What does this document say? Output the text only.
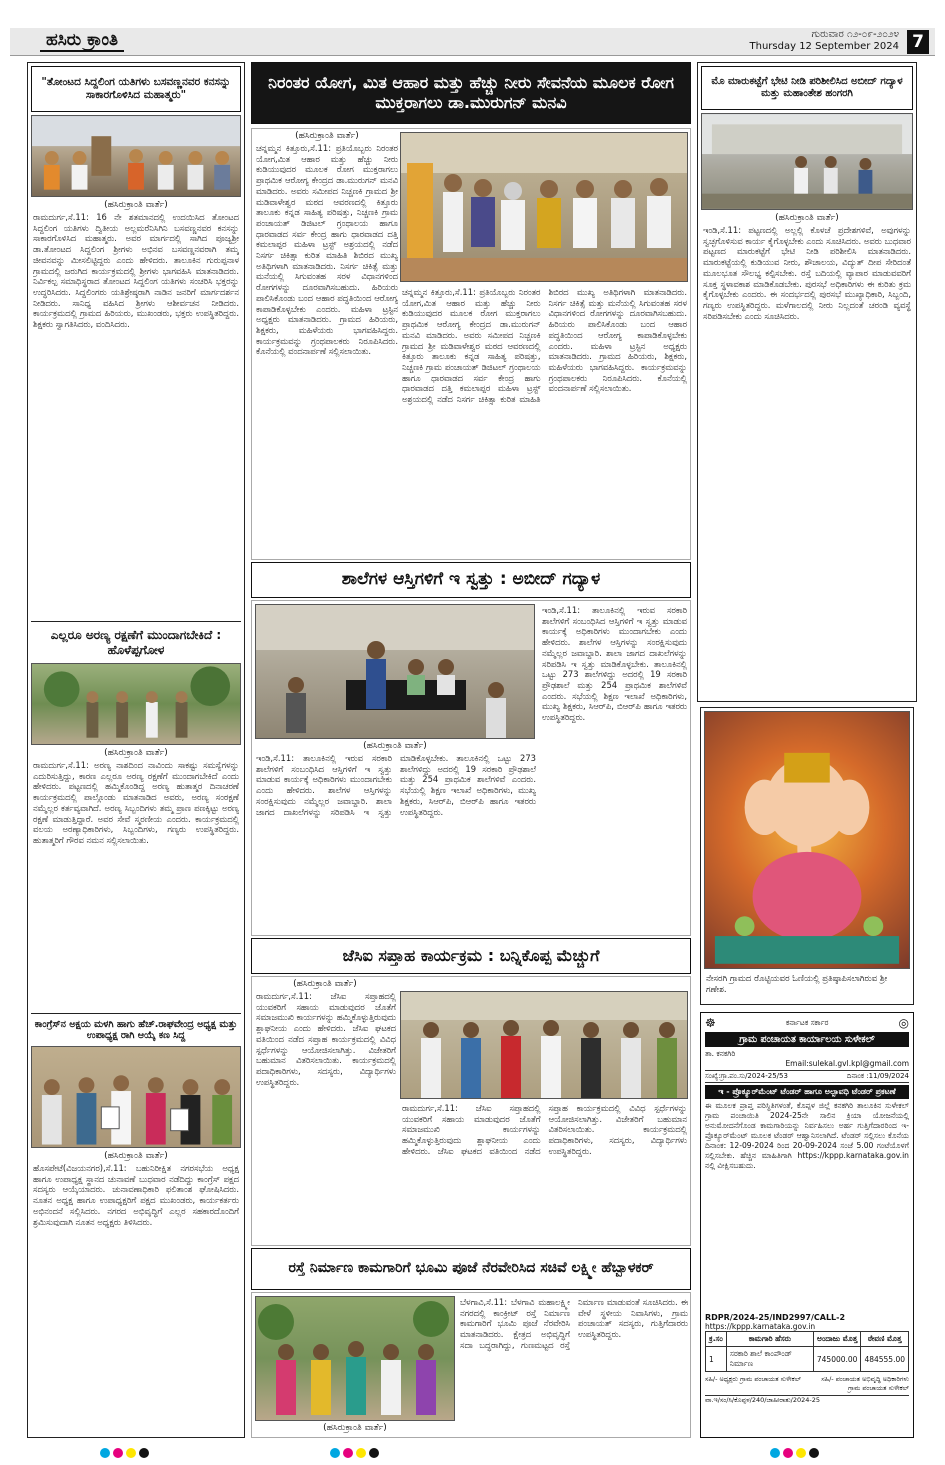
ಹಸಿರು ಕ್ರಾಂತಿ	ಗುರುವಾರ ೧೨-೦೯-೨೦೨೪
Thursday 12 September 2024 7
"ತೋಂಟದ ಸಿದ್ದಲಿಂಗ ಯತಿಗಳು ಬಸವಣ್ಣನವರ ಕನಸನ್ನು ಸಾಕಾರಗೊಳಿಸಿದ ಮಹಾತ್ಮರು"
(ಹಸಿರುಕ್ರಾಂತಿ ವಾರ್ತೆ)
ರಾಮದುರ್ಗ,ಸೆ.11: 16 ನೇ ಶತಮಾನದಲ್ಲಿ ಉದಯಿಸಿದ ತೋಂಟದ ಸಿದ್ದಲಿಂಗ ಯತಿಗಳು ದ್ವಿತೀಯ ಅಲ್ಲಮರೆನಿಸಿಗಿನಿ ಬಸವಣ್ಣನವರ ಕನಸನ್ನು ಸಾಕಾರಗೊಳಿಸಿದ ಮಹಾತ್ಮರು. ಅವರ ಮಾರ್ಗದಲ್ಲಿ ಸಾಗಿದ ಪೂಜ್ಯಶ್ರೀ ಡಾ.ತೋಂಟದ ಸಿದ್ದಲಿಂಗ ಶ್ರೀಗಳು ಅಭಿನವ ಬಸವಣ್ಣನವರಾಗಿ ತಮ್ಮ ಜೀವನವನ್ನು ಮೀಸಲಿಟ್ಟಿದ್ದರು ಎಂದು ಹೇಳಿದರು. ತಾಲೂಕಿನ ಗುರುಪ್ಪನಾಳ ಗ್ರಾಮದಲ್ಲಿ ಜರುಗಿದ ಕಾರ್ಯಕ್ರಮದಲ್ಲಿ ಶ್ರೀಗಳು ಭಾಗವಹಿಸಿ ಮಾತನಾಡಿದರು. ನಿರ್ವಿಕಲ್ಪ ಸಮಾಧಿಸ್ಥರಾದ ತೋಂಟದ ಸಿದ್ದಲಿಂಗ ಯತಿಗಳು ಸಂಚರಿಸಿ ಭಕ್ತರನ್ನು ಉದ್ಧರಿಸಿದರು. ಸಿದ್ದಲಿಂಗರು ಯತಿಶ್ರೇಷ್ಠರಾಗಿ ನಾಡಿನ ಜನರಿಗೆ ಮಾರ್ಗದರ್ಶನ ನೀಡಿದರು. ಸಾನಿಧ್ಯ ವಹಿಸಿದ ಶ್ರೀಗಳು ಆಶೀರ್ವಚನ ನೀಡಿದರು. ಕಾರ್ಯಕ್ರಮದಲ್ಲಿ ಗ್ರಾಮದ ಹಿರಿಯರು, ಮುಖಂಡರು, ಭಕ್ತರು ಉಪಸ್ಥಿತರಿದ್ದರು. ಶಿಕ್ಷಕರು ಸ್ವಾಗತಿಸಿದರು, ವಂದಿಸಿದರು.
ಎಲ್ಲರೂ ಅರಣ್ಯ ರಕ್ಷಣೆಗೆ ಮುಂದಾಗಬೇಕಿದೆ : ಹೊಳೆಪ್ಪಗೋಳ
(ಹಸಿರುಕ್ರಾಂತಿ ವಾರ್ತೆ)
ರಾಮದುರ್ಗ,ಸೆ.11: ಅರಣ್ಯ ನಾಶದಿಂದ ನಾವಿಂದು ಸಾಕಷ್ಟು ಸಮಸ್ಯೆಗಳನ್ನು ಎದುರಿಸುತ್ತಿದ್ದು, ಕಾರಣ ಎಲ್ಲರೂ ಅರಣ್ಯ ರಕ್ಷಣೆಗೆ ಮುಂದಾಗಬೇಕಿದೆ ಎಂದು ಹೇಳಿದರು. ಪಟ್ಟಣದಲ್ಲಿ ಹಮ್ಮಿಕೊಂಡಿದ್ದ ಅರಣ್ಯ ಹುತಾತ್ಮರ ದಿನಾಚರಣೆ ಕಾರ್ಯಕ್ರಮದಲ್ಲಿ ಪಾಲ್ಗೊಂಡು ಮಾತನಾಡಿದ ಅವರು, ಅರಣ್ಯ ಸಂರಕ್ಷಣೆ ನಮ್ಮೆಲ್ಲರ ಕರ್ತವ್ಯವಾಗಿದೆ. ಅರಣ್ಯ ಸಿಬ್ಬಂದಿಗಳು ತಮ್ಮ ಪ್ರಾಣ ಪಣಕ್ಕಿಟ್ಟು ಅರಣ್ಯ ರಕ್ಷಣೆ ಮಾಡುತ್ತಿದ್ದಾರೆ. ಅವರ ಸೇವೆ ಸ್ಮರಣೀಯ ಎಂದರು. ಕಾರ್ಯಕ್ರಮದಲ್ಲಿ ವಲಯ ಅರಣ್ಯಾಧಿಕಾರಿಗಳು, ಸಿಬ್ಬಂದಿಗಳು, ಗಣ್ಯರು ಉಪಸ್ಥಿತರಿದ್ದರು. ಹುತಾತ್ಮರಿಗೆ ಗೌರವ ನಮನ ಸಲ್ಲಿಸಲಾಯಿತು.
ಕಾಂಗ್ರೆಸ್‌ನ ಅಕ್ಷಯ ಮಳಗಿ ಹಾಗು ಹೆಚ್.ರಾಘವೇಂದ್ರ ಅಧ್ಯಕ್ಷ ಮತ್ತು ಉಪಾಧ್ಯಕ್ಷ ರಾಗಿ ಆಯ್ಕೆ ಕಣ ಸಿದ್ದ
(ಹಸಿರುಕ್ರಾಂತಿ ವಾರ್ತೆ)
ಹೊಸಪೇಟೆ(ವಿಜಯನಗರ),ಸೆ.11: ಬಹುನಿರೀಕ್ಷಿತ ನಗರಸಭೆಯ ಅಧ್ಯಕ್ಷ ಹಾಗೂ ಉಪಾಧ್ಯಕ್ಷ ಸ್ಥಾನದ ಚುನಾವಣೆ ಬುಧವಾರ ನಡೆದಿದ್ದು ಕಾಂಗ್ರೆಸ್ ಪಕ್ಷದ ಸದಸ್ಯರು ಆಯ್ಕೆಯಾದರು. ಚುನಾವಣಾಧಿಕಾರಿ ಫಲಿತಾಂಶ ಘೋಷಿಸಿದರು. ನೂತನ ಅಧ್ಯಕ್ಷ ಹಾಗೂ ಉಪಾಧ್ಯಕ್ಷರಿಗೆ ಪಕ್ಷದ ಮುಖಂಡರು, ಕಾರ್ಯಕರ್ತರು ಅಭಿನಂದನೆ ಸಲ್ಲಿಸಿದರು. ನಗರದ ಅಭಿವೃದ್ಧಿಗೆ ಎಲ್ಲರ ಸಹಕಾರದೊಂದಿಗೆ ಶ್ರಮಿಸುವುದಾಗಿ ನೂತನ ಅಧ್ಯಕ್ಷರು ತಿಳಿಸಿದರು.
ನಿರಂತರ ಯೋಗ, ಮಿತ ಆಹಾರ ಮತ್ತು ಹೆಚ್ಚು ನೀರು ಸೇವನೆಯ ಮೂಲಕ ರೋಗ ಮುಕ್ತರಾಗಲು ಡಾ.ಮುರುಗನ್ ಮನವಿ
(ಹಸಿರುಕ್ರಾಂತಿ ವಾರ್ತೆ)
ಚನ್ನಮ್ಮನ ಕಿತ್ತೂರು,ಸೆ.11: ಪ್ರತಿಯೊಬ್ಬರು ನಿರಂತರ ಯೋಗ,ಮಿತ ಆಹಾರ ಮತ್ತು ಹೆಚ್ಚು ನೀರು ಕುಡಿಯುವುದರ ಮೂಲಕ ರೋಗ ಮುಕ್ತರಾಗಲು ಪ್ರಾಥಮಿಕ ಆರೋಗ್ಯ ಕೇಂದ್ರದ ಡಾ.ಮುರುಗನ್ ಮನವಿ ಮಾಡಿದರು. ಅವರು ಸಮೀಪದ ನಿಚ್ಚಣಕಿ ಗ್ರಾಮದ ಶ್ರೀ ಮಡಿವಾಳೇಶ್ವರ ಮಠದ ಆವರಣದಲ್ಲಿ ಕಿತ್ತೂರು ತಾಲೂಕು ಕನ್ನಡ ಸಾಹಿತ್ಯ ಪರಿಷತ್ತು, ನಿಚ್ಚಣಕಿ ಗ್ರಾಮ ಪಂಚಾಯತ್ ಡಿಜಿಟಲ್ ಗ್ರಂಥಾಲಯ ಹಾಗೂ ಧಾರವಾಡದ ಸರ್ವ ಕೇಂದ್ರ ಹಾಗು ಧಾರವಾಡದ ದತ್ತಿ ಕಮಲಾಪ್ಪರ ಮಹಿಳಾ ಟ್ರಸ್ಟ್ ಅಶ್ರಯದಲ್ಲಿ ನಡೆದ ನಿಸರ್ಗ ಚಿಕಿತ್ಸಾ ಕುರಿತ ಮಾಹಿತಿ ಶಿಬಿರದ ಮುಖ್ಯ ಅತಿಥಿಗಳಾಗಿ ಮಾತನಾಡಿದರು. ನಿಸರ್ಗ ಚಿಕಿತ್ಸೆ ಮತ್ತು ಮನೆಯಲ್ಲಿ ಸಿಗುವಂತಹ ಸರಳ ವಿಧಾನಗಳಿಂದ ರೋಗಗಳನ್ನು ದೂರವಾಗಿಸಬಹುದು. ಹಿರಿಯರು ಪಾಲಿಸಿಕೊಂಡು ಬಂದ ಆಹಾರ ಪದ್ಧತಿಯಿಂದ ಆರೋಗ್ಯ ಕಾಪಾಡಿಕೊಳ್ಳಬೇಕು ಎಂದರು. ಮಹಿಳಾ ಟ್ರಸ್ಟಿನ ಅಧ್ಯಕ್ಷರು ಮಾತನಾಡಿದರು. ಗ್ರಾಮದ ಹಿರಿಯರು, ಶಿಕ್ಷಕರು, ಮಹಿಳೆಯರು ಭಾಗವಹಿಸಿದ್ದರು. ಕಾರ್ಯಕ್ರಮವನ್ನು ಗ್ರಂಥಪಾಲಕರು ನಿರೂಪಿಸಿದರು. ಕೊನೆಯಲ್ಲಿ ವಂದನಾರ್ಪಣೆ ಸಲ್ಲಿಸಲಾಯಿತು.
ಚನ್ನಮ್ಮನ ಕಿತ್ತೂರು,ಸೆ.11: ಪ್ರತಿಯೊಬ್ಬರು ನಿರಂತರ ಯೋಗ,ಮಿತ ಆಹಾರ ಮತ್ತು ಹೆಚ್ಚು ನೀರು ಕುಡಿಯುವುದರ ಮೂಲಕ ರೋಗ ಮುಕ್ತರಾಗಲು ಪ್ರಾಥಮಿಕ ಆರೋಗ್ಯ ಕೇಂದ್ರದ ಡಾ.ಮುರುಗನ್ ಮನವಿ ಮಾಡಿದರು. ಅವರು ಸಮೀಪದ ನಿಚ್ಚಣಕಿ ಗ್ರಾಮದ ಶ್ರೀ ಮಡಿವಾಳೇಶ್ವರ ಮಠದ ಆವರಣದಲ್ಲಿ ಕಿತ್ತೂರು ತಾಲೂಕು ಕನ್ನಡ ಸಾಹಿತ್ಯ ಪರಿಷತ್ತು, ನಿಚ್ಚಣಕಿ ಗ್ರಾಮ ಪಂಚಾಯತ್ ಡಿಜಿಟಲ್ ಗ್ರಂಥಾಲಯ ಹಾಗೂ ಧಾರವಾಡದ ಸರ್ವ ಕೇಂದ್ರ ಹಾಗು ಧಾರವಾಡದ ದತ್ತಿ ಕಮಲಾಪ್ಪರ ಮಹಿಳಾ ಟ್ರಸ್ಟ್ ಅಶ್ರಯದಲ್ಲಿ ನಡೆದ ನಿಸರ್ಗ ಚಿಕಿತ್ಸಾ ಕುರಿತ ಮಾಹಿತಿ ಶಿಬಿರದ ಮುಖ್ಯ ಅತಿಥಿಗಳಾಗಿ ಮಾತನಾಡಿದರು. ನಿಸರ್ಗ ಚಿಕಿತ್ಸೆ ಮತ್ತು ಮನೆಯಲ್ಲಿ ಸಿಗುವಂತಹ ಸರಳ ವಿಧಾನಗಳಿಂದ ರೋಗಗಳನ್ನು ದೂರವಾಗಿಸಬಹುದು. ಹಿರಿಯರು ಪಾಲಿಸಿಕೊಂಡು ಬಂದ ಆಹಾರ ಪದ್ಧತಿಯಿಂದ ಆರೋಗ್ಯ ಕಾಪಾಡಿಕೊಳ್ಳಬೇಕು ಎಂದರು. ಮಹಿಳಾ ಟ್ರಸ್ಟಿನ ಅಧ್ಯಕ್ಷರು ಮಾತನಾಡಿದರು. ಗ್ರಾಮದ ಹಿರಿಯರು, ಶಿಕ್ಷಕರು, ಮಹಿಳೆಯರು ಭಾಗವಹಿಸಿದ್ದರು. ಕಾರ್ಯಕ್ರಮವನ್ನು ಗ್ರಂಥಪಾಲಕರು ನಿರೂಪಿಸಿದರು. ಕೊನೆಯಲ್ಲಿ ವಂದನಾರ್ಪಣೆ ಸಲ್ಲಿಸಲಾಯಿತು.
ಶಾಲೆಗಳ ಆಸ್ತಿಗಳಿಗೆ ಇ ಸ್ವತ್ತು : ಅಬೀದ್ ಗದ್ಯಾಳ
(ಹಸಿರುಕ್ರಾಂತಿ ವಾರ್ತೆ)
ಇಂಡಿ,ಸೆ.11: ತಾಲೂಕಿನಲ್ಲಿ ಇರುವ ಸರಕಾರಿ ಶಾಲೆಗಳಿಗೆ ಸಂಬಂಧಿಸಿದ ಆಸ್ತಿಗಳಿಗೆ ಇ ಸ್ವತ್ತು ಮಾಡುವ ಕಾರ್ಯಕ್ಕೆ ಅಧಿಕಾರಿಗಳು ಮುಂದಾಗಬೇಕು ಎಂದು ಹೇಳಿದರು. ಶಾಲೆಗಳ ಆಸ್ತಿಗಳನ್ನು ಸಂರಕ್ಷಿಸುವುದು ನಮ್ಮೆಲ್ಲರ ಜವಾಬ್ದಾರಿ. ಶಾಲಾ ಜಾಗದ ದಾಖಲೆಗಳನ್ನು ಸರಿಪಡಿಸಿ ಇ ಸ್ವತ್ತು ಮಾಡಿಕೊಳ್ಳಬೇಕು. ತಾಲೂಕಿನಲ್ಲಿ ಒಟ್ಟು 273 ಶಾಲೆಗಳಿದ್ದು ಅದರಲ್ಲಿ 19 ಸರಕಾರಿ ಪ್ರೌಢಶಾಲೆ ಮತ್ತು 254 ಪ್ರಾಥಮಿಕ ಶಾಲೆಗಳಿವೆ ಎಂದರು. ಸಭೆಯಲ್ಲಿ ಶಿಕ್ಷಣ ಇಲಾಖೆ ಅಧಿಕಾರಿಗಳು, ಮುಖ್ಯ ಶಿಕ್ಷಕರು, ಸಿಆರ್‌ಪಿ, ಬಿಆರ್‌ಪಿ ಹಾಗೂ ಇತರರು ಉಪಸ್ಥಿತರಿದ್ದರು.
ಇಂಡಿ,ಸೆ.11: ತಾಲೂಕಿನಲ್ಲಿ ಇರುವ ಸರಕಾರಿ ಶಾಲೆಗಳಿಗೆ ಸಂಬಂಧಿಸಿದ ಆಸ್ತಿಗಳಿಗೆ ಇ ಸ್ವತ್ತು ಮಾಡುವ ಕಾರ್ಯಕ್ಕೆ ಅಧಿಕಾರಿಗಳು ಮುಂದಾಗಬೇಕು ಎಂದು ಹೇಳಿದರು. ಶಾಲೆಗಳ ಆಸ್ತಿಗಳನ್ನು ಸಂರಕ್ಷಿಸುವುದು ನಮ್ಮೆಲ್ಲರ ಜವಾಬ್ದಾರಿ. ಶಾಲಾ ಜಾಗದ ದಾಖಲೆಗಳನ್ನು ಸರಿಪಡಿಸಿ ಇ ಸ್ವತ್ತು ಮಾಡಿಕೊಳ್ಳಬೇಕು. ತಾಲೂಕಿನಲ್ಲಿ ಒಟ್ಟು 273 ಶಾಲೆಗಳಿದ್ದು ಅದರಲ್ಲಿ 19 ಸರಕಾರಿ ಪ್ರೌಢಶಾಲೆ ಮತ್ತು 254 ಪ್ರಾಥಮಿಕ ಶಾಲೆಗಳಿವೆ ಎಂದರು. ಸಭೆಯಲ್ಲಿ ಶಿಕ್ಷಣ ಇಲಾಖೆ ಅಧಿಕಾರಿಗಳು, ಮುಖ್ಯ ಶಿಕ್ಷಕರು, ಸಿಆರ್‌ಪಿ, ಬಿಆರ್‌ಪಿ ಹಾಗೂ ಇತರರು ಉಪಸ್ಥಿತರಿದ್ದರು.
ಜೆಸಿಐ ಸಪ್ತಾಹ ಕಾರ್ಯಕ್ರಮ : ಬನ್ನಿಕೊಪ್ಪ ಮೆಚ್ಚುಗೆ
(ಹಸಿರುಕ್ರಾಂತಿ ವಾರ್ತೆ)
ರಾಮದುರ್ಗ,ಸೆ.11: ಜೆಸಿಐ ಸಪ್ತಾಹದಲ್ಲಿ ಯುವಕರಿಗೆ ಸಹಾಯ ಮಾಡುವುದರ ಜೊತೆಗೆ ಸಮಾಜಮುಖಿ ಕಾರ್ಯಗಳನ್ನು ಹಮ್ಮಿಕೊಳ್ಳುತ್ತಿರುವುದು ಶ್ಲಾಘನೀಯ ಎಂದು ಹೇಳಿದರು. ಜೆಸಿಐ ಘಟಕದ ವತಿಯಿಂದ ನಡೆದ ಸಪ್ತಾಹ ಕಾರ್ಯಕ್ರಮದಲ್ಲಿ ವಿವಿಧ ಸ್ಪರ್ಧೆಗಳನ್ನು ಆಯೋಜಿಸಲಾಗಿತ್ತು. ವಿಜೇತರಿಗೆ ಬಹುಮಾನ ವಿತರಿಸಲಾಯಿತು. ಕಾರ್ಯಕ್ರಮದಲ್ಲಿ ಪದಾಧಿಕಾರಿಗಳು, ಸದಸ್ಯರು, ವಿದ್ಯಾರ್ಥಿಗಳು ಉಪಸ್ಥಿತರಿದ್ದರು.
ರಾಮದುರ್ಗ,ಸೆ.11: ಜೆಸಿಐ ಸಪ್ತಾಹದಲ್ಲಿ ಯುವಕರಿಗೆ ಸಹಾಯ ಮಾಡುವುದರ ಜೊತೆಗೆ ಸಮಾಜಮುಖಿ ಕಾರ್ಯಗಳನ್ನು ಹಮ್ಮಿಕೊಳ್ಳುತ್ತಿರುವುದು ಶ್ಲಾಘನೀಯ ಎಂದು ಹೇಳಿದರು. ಜೆಸಿಐ ಘಟಕದ ವತಿಯಿಂದ ನಡೆದ ಸಪ್ತಾಹ ಕಾರ್ಯಕ್ರಮದಲ್ಲಿ ವಿವಿಧ ಸ್ಪರ್ಧೆಗಳನ್ನು ಆಯೋಜಿಸಲಾಗಿತ್ತು. ವಿಜೇತರಿಗೆ ಬಹುಮಾನ ವಿತರಿಸಲಾಯಿತು. ಕಾರ್ಯಕ್ರಮದಲ್ಲಿ ಪದಾಧಿಕಾರಿಗಳು, ಸದಸ್ಯರು, ವಿದ್ಯಾರ್ಥಿಗಳು ಉಪಸ್ಥಿತರಿದ್ದರು.
ರಸ್ತೆ ನಿರ್ಮಾಣ ಕಾಮಗಾರಿಗೆ ಭೂಮಿ ಪೂಜೆ ನೆರವೇರಿಸಿದ ಸಚಿವೆ ಲಕ್ಷ್ಮೀ ಹೆಬ್ಬಾಳಕರ್
(ಹಸಿರುಕ್ರಾಂತಿ ವಾರ್ತೆ)
ಬೆಳಗಾವಿ,ಸೆ.11: ಬೆಳಗಾವಿ ಮಹಾಲಕ್ಷ್ಮೀ ನಗರದಲ್ಲಿ ಕಾಂಕ್ರೀಟ್ ರಸ್ತೆ ನಿರ್ಮಾಣ ಕಾಮಗಾರಿಗೆ ಭೂಮಿ ಪೂಜೆ ನೆರವೇರಿಸಿ ಮಾತನಾಡಿದರು. ಕ್ಷೇತ್ರದ ಅಭಿವೃದ್ಧಿಗೆ ಸದಾ ಬದ್ಧರಾಗಿದ್ದು, ಗುಣಮಟ್ಟದ ರಸ್ತೆ ನಿರ್ಮಾಣ ಮಾಡುವಂತೆ ಸೂಚಿಸಿದರು. ಈ ವೇಳೆ ಸ್ಥಳೀಯ ನಿವಾಸಿಗಳು, ಗ್ರಾಮ ಪಂಚಾಯತ್ ಸದಸ್ಯರು, ಗುತ್ತಿಗೆದಾರರು ಉಪಸ್ಥಿತರಿದ್ದರು.
ಮೊ ಮಾರುಕಟ್ಟೆಗೆ ಭೇಟಿ ನೀಡಿ ಪರಿಶೀಲಿಸಿದ ಅಬೀದ್ ಗದ್ಯಾಳ ಮತ್ತು ಮಹಾಂತೇಶ ಹಂಗರಗಿ
(ಹಸಿರುಕ್ರಾಂತಿ ವಾರ್ತೆ)
ಇಂಡಿ,ಸೆ.11: ಪಟ್ಟಣದಲ್ಲಿ ಅಲ್ಲಲ್ಲಿ ಕೊಳಚೆ ಪ್ರದೇಶಗಳಿವೆ, ಅವುಗಳನ್ನು ಸ್ವಚ್ಛಗೊಳಿಸುವ ಕಾರ್ಯ ಕೈಗೊಳ್ಳಬೇಕು ಎಂದು ಸೂಚಿಸಿದರು. ಅವರು ಬುಧವಾರ ಪಟ್ಟಣದ ಮಾರುಕಟ್ಟೆಗೆ ಭೇಟಿ ನೀಡಿ ಪರಿಶೀಲಿಸಿ ಮಾತನಾಡಿದರು. ಮಾರುಕಟ್ಟೆಯಲ್ಲಿ ಕುಡಿಯುವ ನೀರು, ಶೌಚಾಲಯ, ವಿದ್ಯುತ್ ದೀಪ ಸೇರಿದಂತೆ ಮೂಲಭೂತ ಸೌಲಭ್ಯ ಕಲ್ಪಿಸಬೇಕು. ರಸ್ತೆ ಬದಿಯಲ್ಲಿ ವ್ಯಾಪಾರ ಮಾಡುವವರಿಗೆ ಸೂಕ್ತ ಸ್ಥಳಾವಕಾಶ ಮಾಡಿಕೊಡಬೇಕು. ಪುರಸಭೆ ಅಧಿಕಾರಿಗಳು ಈ ಕುರಿತು ಕ್ರಮ ಕೈಗೊಳ್ಳಬೇಕು ಎಂದರು. ಈ ಸಂದರ್ಭದಲ್ಲಿ ಪುರಸಭೆ ಮುಖ್ಯಾಧಿಕಾರಿ, ಸಿಬ್ಬಂದಿ, ಗಣ್ಯರು ಉಪಸ್ಥಿತರಿದ್ದರು. ಮಳೆಗಾಲದಲ್ಲಿ ನೀರು ನಿಲ್ಲದಂತೆ ಚರಂಡಿ ವ್ಯವಸ್ಥೆ ಸರಿಪಡಿಸಬೇಕು ಎಂದು ಸೂಚಿಸಿದರು.
ನೇಸರಗಿ ಗ್ರಾಮದ ರೊಟ್ಟಿಯವರ ಓಣಿಯಲ್ಲಿ ಪ್ರತಿಷ್ಠಾಪಿಸಲಾಗಿರುವ ಶ್ರೀ ಗಣೇಶ.
☸	ಕರ್ನಾಟಕ ಸರ್ಕಾರ	◎
ಗ್ರಾಮ ಪಂಚಾಯತ ಕಾರ್ಯಾಲಯ ಸುಳೇಕಲ್
ತಾ. ಕನಕಗಿರಿ
Email:sulekal.gvl.kpl@gmail.com
ಸಂಖ್ಯೆ:ಗ್ರಾ.ಪಂ.ಸು/2024-25/53	ದಿನಾಂಕ :11/09/2024
ಇ - ಪ್ರೊಕ್ಯೂರ್‌ಮೆಂಟ್ ಟೆಂಡರ್ ಹಾಗೂ ಅಲ್ಪಾವಧಿ ಟೆಂಡರ್ ಪ್ರಕಟಣೆ
ಈ ಮೂಲಕ ಪ್ರಾಪ್ತ ಪರಿಸ್ಥಿತಿಗಳಂತೆ, ಕೊಪ್ಪಳ ಜಿಲ್ಲೆ ಕನಕಗಿರಿ ತಾಲೂಕಿನ ಸುಳೇಕಲ್ ಗ್ರಾಮ ಪಂಚಾಯಿತಿ 2024-25ನೇ ಸಾಲಿನ ಕ್ರಿಯಾ ಯೋಜನೆಯಲ್ಲಿ ಅನುಮೋದನೆಗೊಂಡ ಕಾಮಗಾರಿಯನ್ನು ನಿರ್ವಹಿಸಲು ಅರ್ಹ ಗುತ್ತಿಗೆದಾರರಿಂದ ಇ-ಪ್ರೊಕ್ಯೂರ್‌ಮೆಂಟ್ ಮೂಲಕ ಟೆಂಡರ್ ಆಹ್ವಾನಿಸಲಾಗಿದೆ. ಟೆಂಡರ್ ಸಲ್ಲಿಸಲು ಕೊನೆಯ ದಿನಾಂಕ: 12-09-2024 ರಿಂದ 20-09-2024 ಸಂಜೆ 5.00 ಗಂಟೆಯೊಳಗೆ ಸಲ್ಲಿಸಬೇಕು. ಹೆಚ್ಚಿನ ಮಾಹಿತಿಗಾಗಿ https://kppp.karnataka.gov.in ನಲ್ಲಿ ವೀಕ್ಷಿಸಬಹುದು.
RDPR/2024-25/IND2997/CALL-2
https://kppp.karnataka.gov.in
ಕ್ರ.ಸಂ	ಕಾಮಗಾರಿ ಹೆಸರು	ಅಂದಾಜು ಮೊತ್ತ	ಠೇವಣಿ ಮೊತ್ತ
1	ಸರಕಾರಿ ಶಾಲೆ ಕಾಂಪೌಂಡ್ ನಿರ್ಮಾಣ	745000.00	484555.00
ಸಹಿ/- ಅಧ್ಯಕ್ಷರು ಗ್ರಾಮ ಪಂಚಾಯತ ಸುಳೇಕಲ್	ಸಹಿ/- ಪಂಚಾಯತ ಅಭಿವೃದ್ಧಿ ಅಧಿಕಾರಿಗಳು ಗ್ರಾಮ ಪಂಚಾಯತ ಸುಳೇಕಲ್
ವಾ.ಇ/ಸಂ/ಸಿ/ಕೊಪ್ಪಳ/240/ಜಾಹೀರಾತು/2024-25
